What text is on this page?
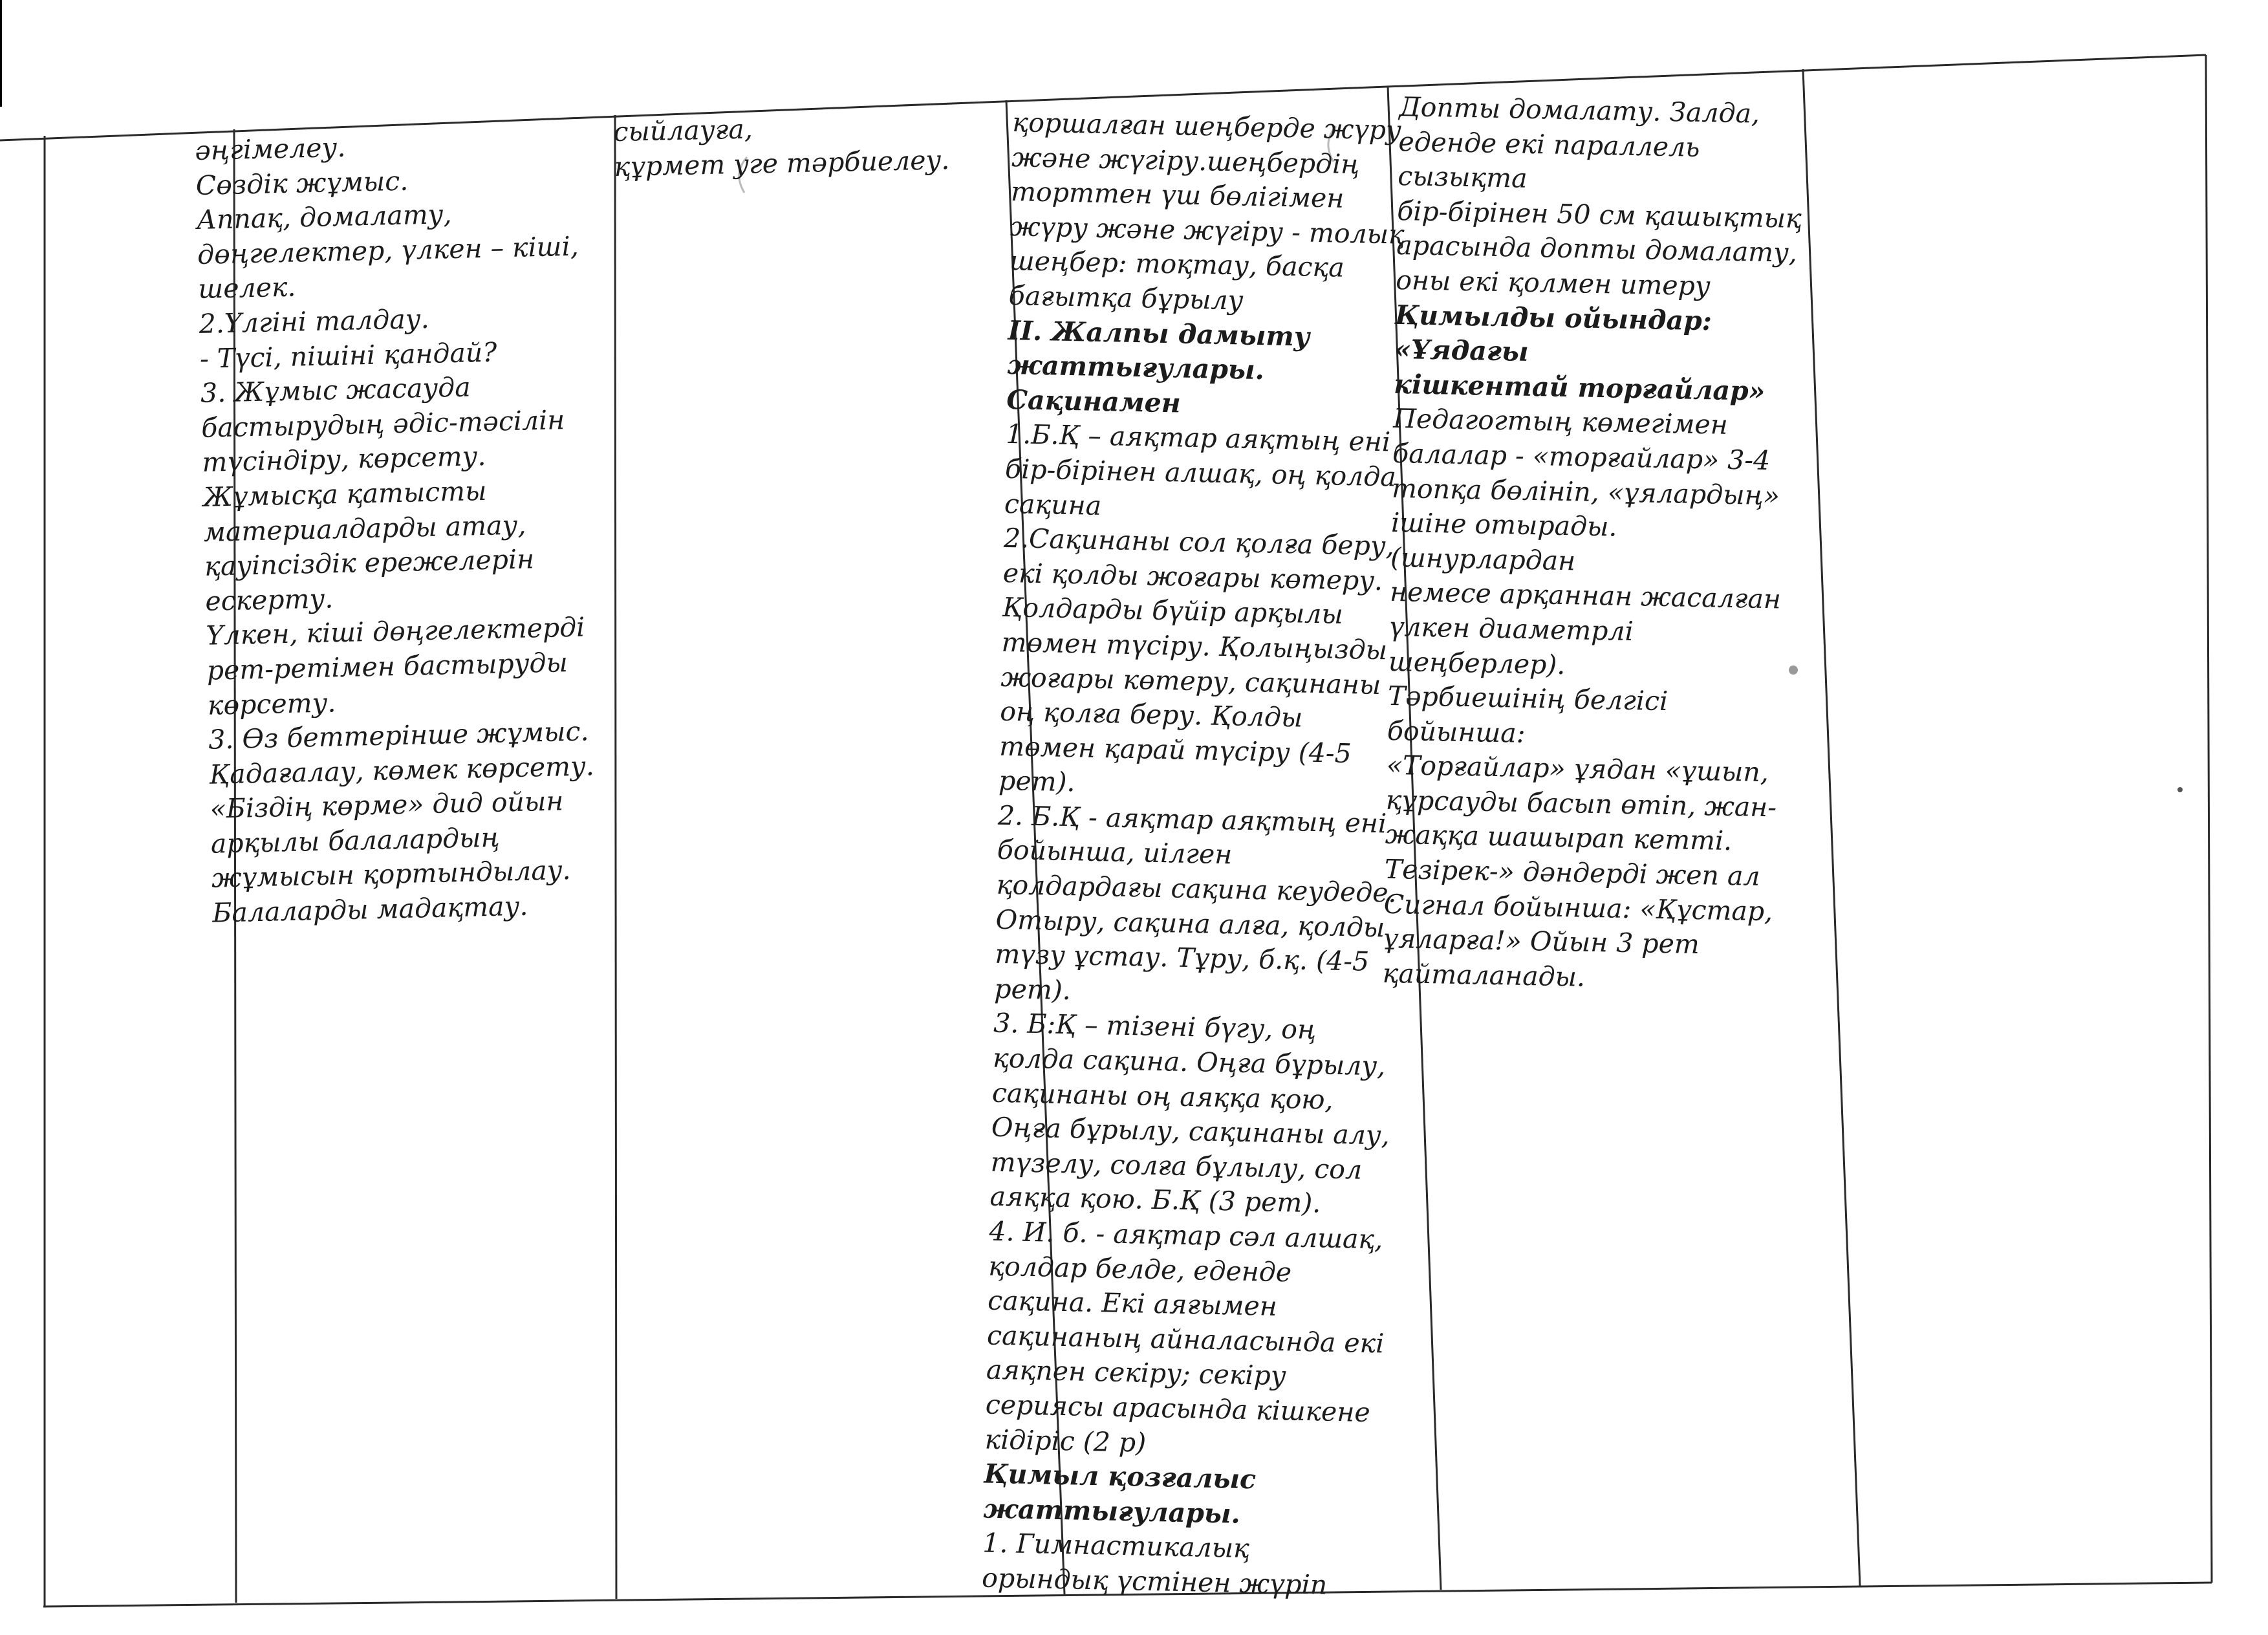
әңгімелеу.

Сөздік жұмыс.

Аппақ, домалату,

дөңгелектер, үлкен – кіші,

шелек.

2.Үлгіні талдау.

- Түсі, пішіні қандай?

3. Жұмыс жасауда

бастырудың әдіс-тәсілін

түсіндіру, көрсету.

Жұмысқа қатысты

материалдарды атау,

қауіпсіздік ережелерін

ескерту.

Үлкен, кіші дөңгелектерді

рет-ретімен бастыруды

көрсету.

3. Өз беттерінше жұмыс.

Қадағалау, көмек көрсету.

«Біздің көрме» дид ойын

арқылы балалардың

жұмысын қортындылау.

Балаларды мадақтау.

сыйлауға,

құрмет уге тәрбиелеу.

қоршалған шеңберде жүру

және жүгіру.шеңбердің

торттен үш бөлігімен

жүру және жүгіру - толық

шеңбер: тоқтау, басқа

бағытқа бұрылу

II. Жалпы дамыту

жаттығулары.

Сақинамен

1.Б.Қ – аяқтар аяқтың ені

бір-бірінен алшақ, оң қолда

сақина

2.Сақинаны сол қолға беру,

екі қолды жоғары көтеру.

Қолдарды бүйір арқылы

төмен түсіру. Қолыңызды

жоғары көтеру, сақинаны

оң қолға беру. Қолды

төмен қарай түсіру (4-5

рет).

2. Б.Қ - аяқтар аяқтың ені

бойынша, иілген

қолдардағы сақина кеудеде.

Отыру, сақина алға, қолды

түзу ұстау. Тұру, б.қ. (4-5

рет).

3. Б:Қ – тізені бүгу, оң

қолда сақина. Оңға бұрылу,

сақинаны оң аяққа қою,

Оңға бұрылу, сақинаны алу,

түзелу, солға бұлылу, сол

аяққа қою. Б.Қ (3 рет).

4. И. б. - аяқтар сәл алшақ,

қолдар белде, еденде

сақина. Екі аяғымен

сақинаның айналасында екі

аяқпен секіру; секіру

сериясы арасында кішкене

кідіріс (2 р)

Қимыл қозғалыс

жаттығулары.

1. Гимнастикалық

орындық үстінен жүріп

Допты домалату. Залда,

еденде екі параллель сызықта

бір-бірінен 50 см қашықтық

арасында допты домалату,

оны екі қолмен итеру

Қимылды ойындар: «Ұядағы

кішкентай торғайлар»

Педагогтың көмегімен

балалар - «торғайлар» 3-4

топқа бөлініп, «ұялардың»

ішіне отырады. (шнурлардан

немесе арқаннан жасалған

үлкен диаметрлі шеңберлер).

Тәрбиешінің белгісі бойынша:

«Торғайлар» ұядан «ұшып,

құрсауды басып өтіп, жан-

жаққа шашырап кетті.

Тезірек-» дәндерді жеп ал

Сигнал бойынша: «Құстар,

ұяларға!» Ойын 3 рет

қайталанады.
